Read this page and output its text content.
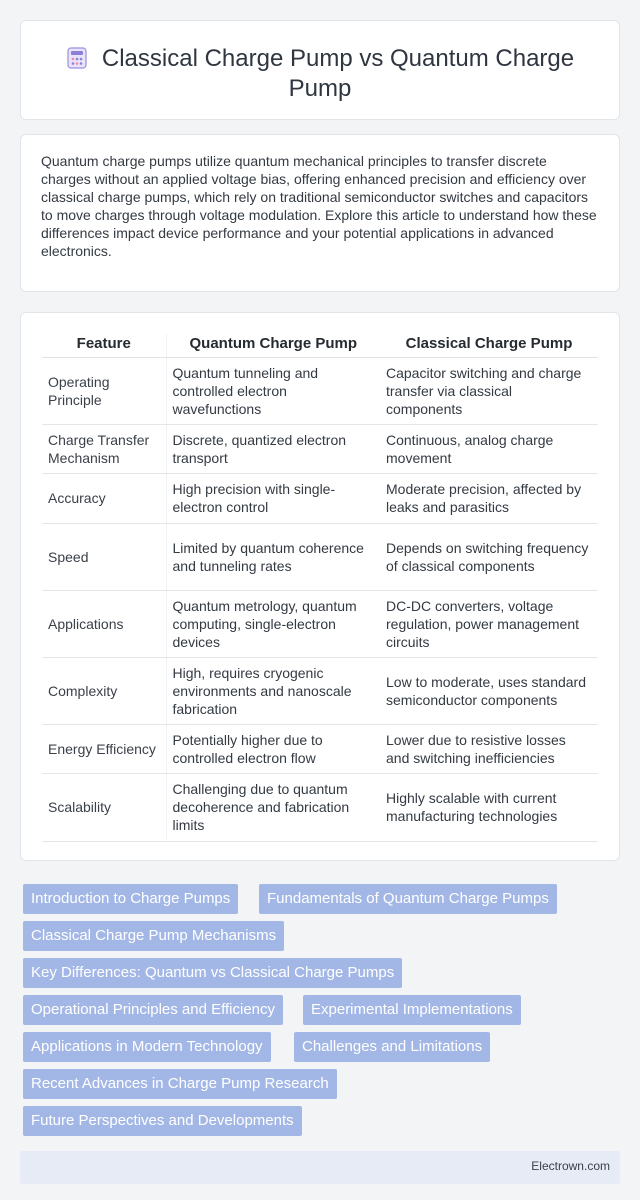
Classical Charge Pump vs Quantum Charge Pump

Quantum charge pumps utilize quantum mechanical principles to transfer discrete charges without an applied voltage bias, offering enhanced precision and efficiency over classical charge pumps, which rely on traditional semiconductor switches and capacitors to move charges through voltage modulation. Explore this article to understand how these differences impact device performance and your potential applications in advanced electronics.

Feature	Quantum Charge Pump	Classical Charge Pump
Operating Principle	Quantum tunneling and controlled electron wavefunctions	Capacitor switching and charge transfer via classical components
Charge Transfer Mechanism	Discrete, quantized electron transport	Continuous, analog charge movement
Accuracy	High precision with single-electron control	Moderate precision, affected by leaks and parasitics
Speed	Limited by quantum coherence and tunneling rates	Depends on switching frequency of classical components
Applications	Quantum metrology, quantum computing, single-electron devices	DC-DC converters, voltage regulation, power management circuits
Complexity	High, requires cryogenic environments and nanoscale fabrication	Low to moderate, uses standard semiconductor components
Energy Efficiency	Potentially higher due to controlled electron flow	Lower due to resistive losses and switching inefficiencies
Scalability	Challenging due to quantum decoherence and fabrication limits	Highly scalable with current manufacturing technologies
Introduction to Charge Pumps	Fundamentals of Quantum Charge Pumps
Classical Charge Pump Mechanisms
Key Differences: Quantum vs Classical Charge Pumps
Operational Principles and Efficiency	Experimental Implementations
Applications in Modern Technology	Challenges and Limitations
Recent Advances in Charge Pump Research
Future Perspectives and Developments
Electrown.com
